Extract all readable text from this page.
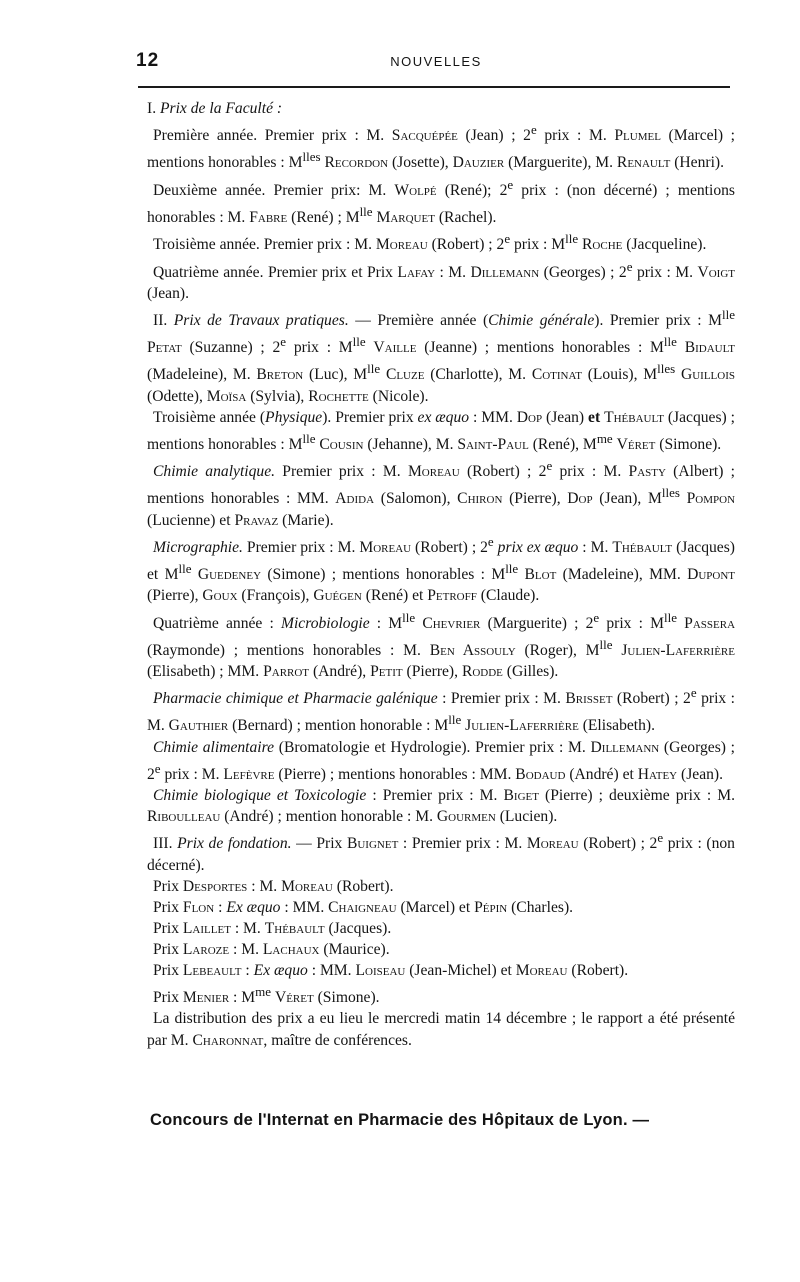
12	NOUVELLES

I. Prix de la Faculté :

Première année. Premier prix : M. Sacquépée (Jean) ; 2e prix : M. Plumel (Marcel) ; mentions honorables : $M^{lles}$ Recordon (Josette), Dauzier (Marguerite), M. Renault (Henri).

Deuxième année. Premier prix: M. Wolpé (René); 2e prix : (non décerné) ; mentions honorables : M. Fabre (René) ; $M^{lle}$ Marquet (Rachel).

Troisième année. Premier prix : M. Moreau (Robert) ; 2e prix : $M^{lle}$ Roche (Jacqueline).

Quatrième année. Premier prix et Prix Lafay : M. Dillemann (Georges) ; 2e prix : M. Voigt (Jean).

II. Prix de Travaux pratiques. — Première année (Chimie générale). Premier prix : $M^{lle}$ Petat (Suzanne) ; 2e prix : $M^{lle}$ Vaille (Jeanne) ; mentions honorables : $M^{lle}$ Bidault (Madeleine), M. Breton (Luc), $M^{lle}$ Cluze (Charlotte), M. Cotinat (Louis), $M^{lles}$ Guillois (Odette), Moïsa (Sylvia), Rochette (Nicole).

Troisième année (Physique). Premier prix ex æquo : MM. Dop (Jean) et Thébault (Jacques) ; mentions honorables : $M^{lle}$ Cousin (Jehanne), M. Saint-Paul (René), $M^{me}$ Véret (Simone).

Chimie analytique. Premier prix : M. Moreau (Robert) ; 2e prix : M. Pasty (Albert) ; mentions honorables : MM. Adida (Salomon), Chiron (Pierre), Dop (Jean), $M^{lles}$ Pompon (Lucienne) et Pravaz (Marie).

Micrographie. Premier prix : M. Moreau (Robert) ; 2e prix ex æquo : M. Thébault (Jacques) et $M^{lle}$ Guedeney (Simone) ; mentions honorables : $M^{lle}$ Blot (Madeleine), MM. Dupont (Pierre), Goux (François), Guégen (René) et Petroff (Claude).

Quatrième année : Microbiologie : $M^{lle}$ Chevrier (Marguerite) ; 2e prix : $M^{lle}$ Passera (Raymonde) ; mentions honorables : M. Ben Assouly (Roger), $M^{lle}$ Julien-Laferrière (Elisabeth) ; MM. Parrot (André), Petit (Pierre), Rodde (Gilles).

Pharmacie chimique et Pharmacie galénique : Premier prix : M. Brisset (Robert) ; 2e prix : M. Gauthier (Bernard) ; mention honorable : $M^{lle}$ Julien-Laferrière (Elisabeth).

Chimie alimentaire (Bromatologie et Hydrologie). Premier prix : M. Dillemann (Georges) ; 2e prix : M. Lefèvre (Pierre) ; mentions honorables : MM. Bodaud (André) et Hatey (Jean).

Chimie biologique et Toxicologie : Premier prix : M. Biget (Pierre) ; deuxième prix : M. Riboulleau (André) ; mention honorable : M. Gourmen (Lucien).

III. Prix de fondation. — Prix Buignet : Premier prix : M. Moreau (Robert) ; 2e prix : (non décerné).

Prix Desportes : M. Moreau (Robert).

Prix Flon : Ex æquo : MM. Chaigneau (Marcel) et Pépin (Charles).

Prix Laillet : M. Thébault (Jacques).

Prix Laroze : M. Lachaux (Maurice).

Prix Lebeault : Ex æquo : MM. Loiseau (Jean-Michel) et Moreau (Robert).

Prix Menier : $M^{me}$ Véret (Simone).

La distribution des prix a eu lieu le mercredi matin 14 décembre ; le rapport a été présenté par M. Charonnat, maître de conférences.

Concours de l'Internat en Pharmacie des Hôpitaux de Lyon. —
